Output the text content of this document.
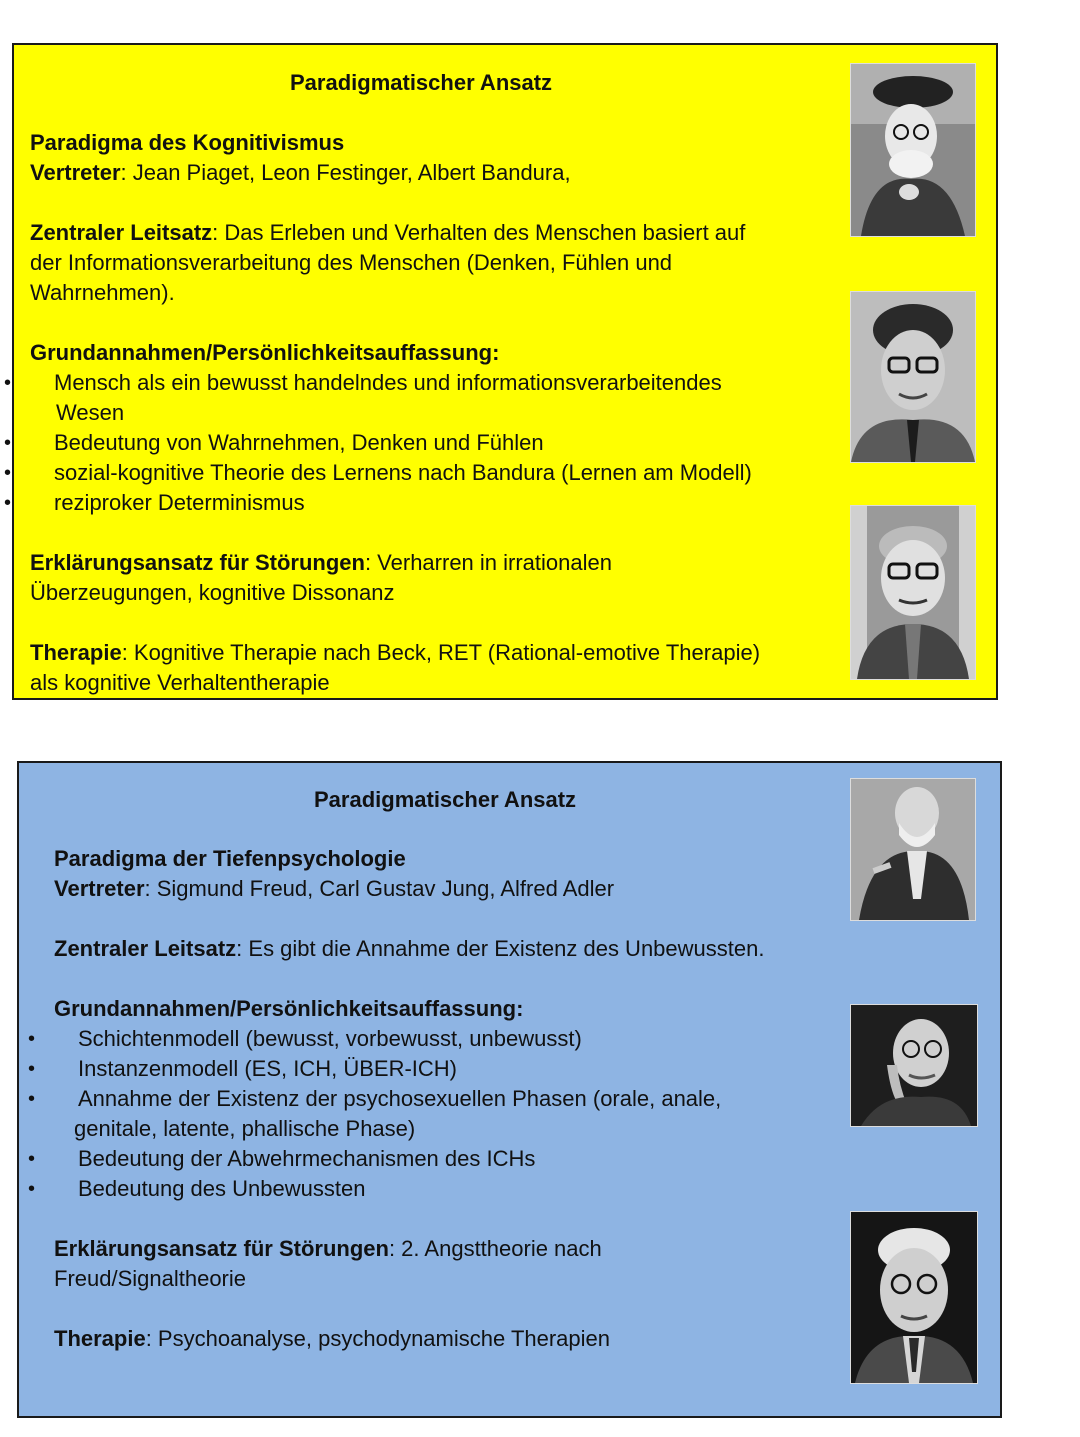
Paradigmatischer Ansatz
Paradigma des Kognitivismus
Vertreter: Jean Piaget, Leon Festinger, Albert Bandura,
Zentraler Leitsatz: Das Erleben und Verhalten des Menschen basiert auf
der Informationsverarbeitung des Menschen (Denken, Fühlen und
Wahrnehmen).
Grundannahmen/Persönlichkeitsauffassung:
• Mensch als ein bewusst handelndes und informationsverarbeitendes
Wesen
• Bedeutung von Wahrnehmen, Denken und Fühlen
• sozial-kognitive Theorie des Lernens nach Bandura (Lernen am Modell)
• reziproker Determinismus
Erklärungsansatz für Störungen: Verharren in irrationalen
Überzeugungen, kognitive Dissonanz
Therapie: Kognitive Therapie nach Beck, RET (Rational-emotive Therapie)
als kognitive Verhaltentherapie
Paradigmatischer Ansatz
Paradigma der Tiefenpsychologie
Vertreter: Sigmund Freud, Carl Gustav Jung, Alfred Adler
Zentraler Leitsatz: Es gibt die Annahme der Existenz des Unbewussten.
Grundannahmen/Persönlichkeitsauffassung:
• Schichtenmodell (bewusst, vorbewusst, unbewusst)
• Instanzenmodell (ES, ICH, ÜBER-ICH)
• Annahme der Existenz der psychosexuellen Phasen (orale, anale,
genitale, latente, phallische Phase)
• Bedeutung der Abwehrmechanismen des ICHs
• Bedeutung des Unbewussten
Erklärungsansatz für Störungen: 2. Angsttheorie nach
Freud/Signaltheorie
Therapie: Psychoanalyse, psychodynamische Therapien
